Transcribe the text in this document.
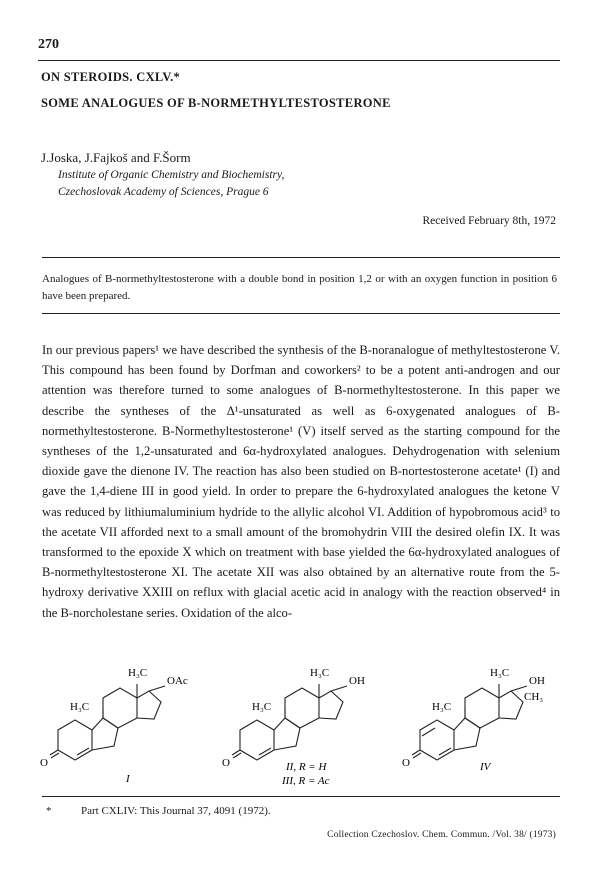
270
ON STEROIDS. CXLV.*
SOME ANALOGUES OF B-NORMETHYLTESTOSTERONE
J.Joska, J.Fajkoš and F.Šorm
Institute of Organic Chemistry and Biochemistry,
Czechoslovak Academy of Sciences, Prague 6
Received February 8th, 1972
Analogues of B-normethyltestosterone with a double bond in position 1,2 or with an oxygen function in position 6 have been prepared.

In our previous papers¹ we have described the synthesis of the B-noranalogue of methyltestosterone V. This compound has been found by Dorfman and coworkers² to be a potent anti-androgen and our attention was therefore turned to some analogues of B-normethyltestosterone. In this paper we describe the syntheses of the Δ¹-unsaturated as well as 6-oxygenated analogues of B-normethyltestosterone. B-Normethyltestosterone¹ (V) itself served as the starting compound for the syntheses of the 1,2-unsaturated and 6α-hydroxylated analogues. Dehydrogenation with selenium dioxide gave the dienone IV. The reaction has also been studied on B-nortestosterone acetate¹ (I) and gave the 1,4-diene III in good yield. In order to prepare the 6-hydroxylated analogues the ketone V was reduced by lithiumaluminium hydride to the allylic alcohol VI. Addition of hypobromous acid³ to the acetate VII afforded next to a small amount of the bromohydrin VIII the desired olefin IX. It was transformed to the epoxide X which on treatment with base yielded the 6α-hydroxylated analogues of B-normethyltestosterone XI. The acetate XII was also obtained by an alternative route from the 5-hydroxy derivative XXIII on reflux with glacial acetic acid in analogy with the reaction observed⁴ in the B-norcholestane series. Oxidation of the alco-

H₃C
H₃C
OAc
O
I
H₃C
H₃C
OH
O	II, R = H
III, R = Ac
H₃C
H₃C
OH
CH₃
O	IV
*	Part CXLIV: This Journal 37, 4091 (1972).
Collection Czechoslov. Chem. Commun. /Vol. 38/ (1973)
